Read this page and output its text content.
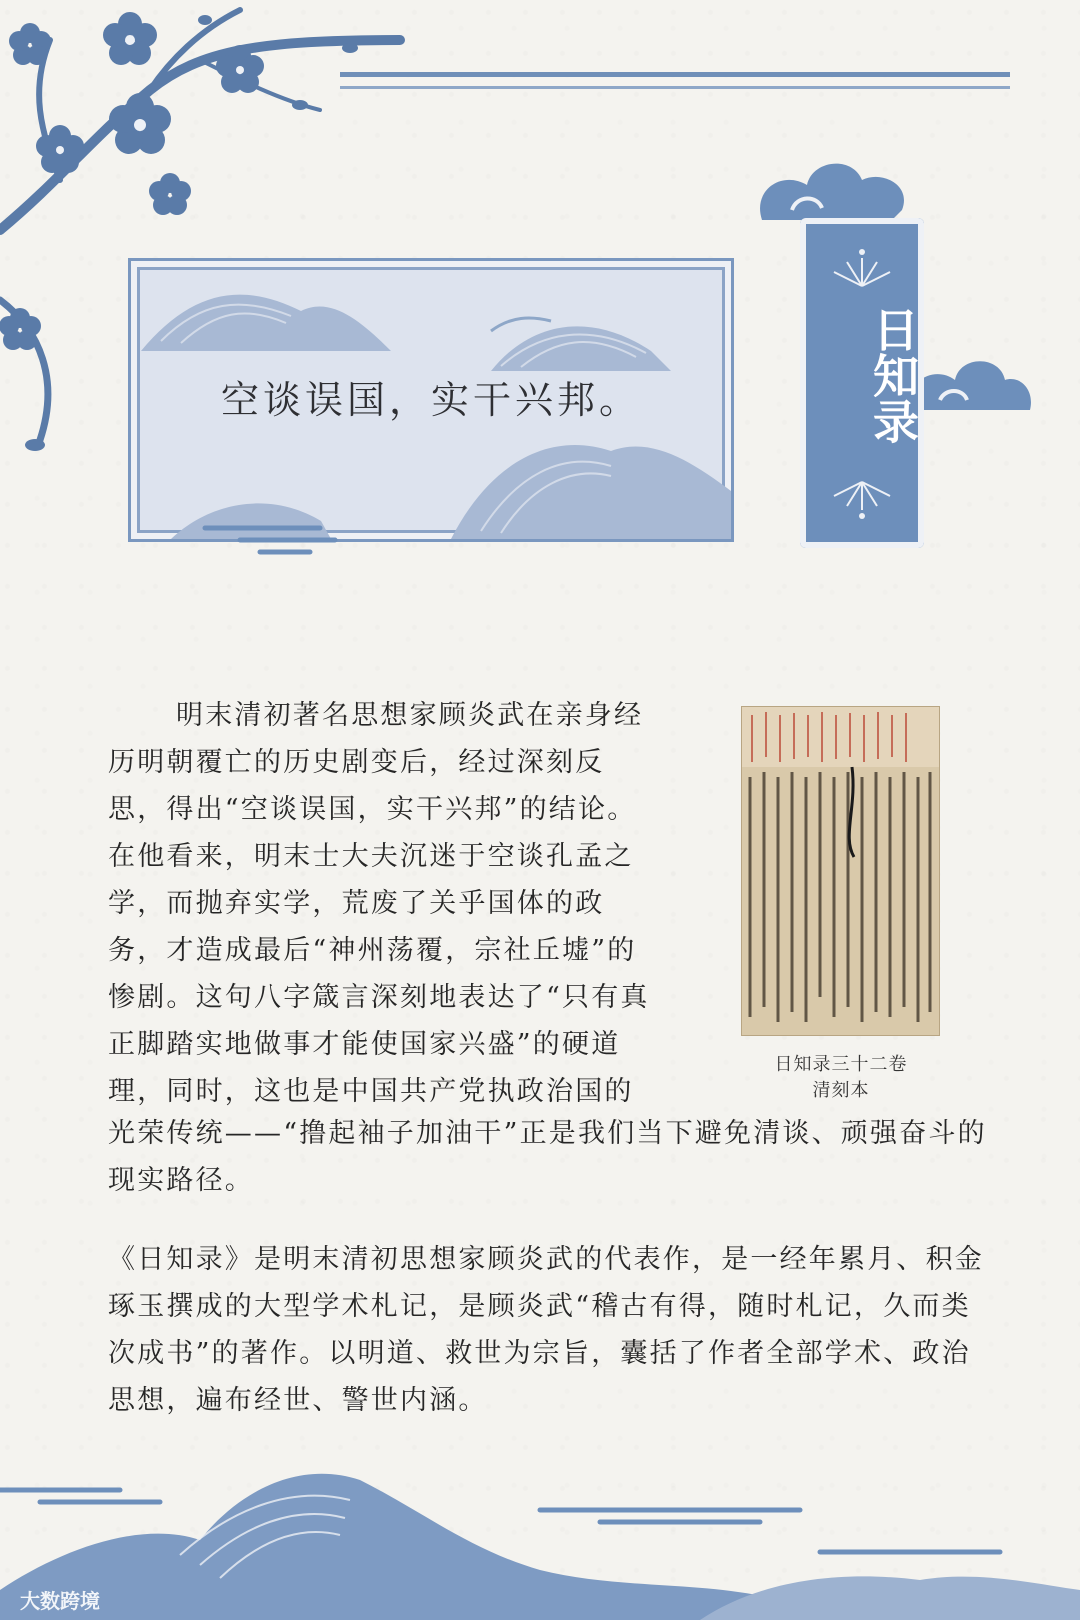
空谈误国，实干兴邦。	日知录

明末清初著名思想家顾炎武在亲身经历明朝覆亡的历史剧变后，经过深刻反思，得出“空谈误国，实干兴邦”的结论。在他看来，明末士大夫沉迷于空谈孔孟之学，而抛弃实学，荒废了关乎国体的政务，才造成最后“神州荡覆，宗社丘墟”的惨剧。这句八字箴言深刻地表达了“只有真正脚踏实地做事才能使国家兴盛”的硬道理，同时，这也是中国共产党执政治国的

光荣传统——“撸起袖子加油干”正是我们当下避免清谈、顽强奋斗的现实路径。

《日知录》是明末清初思想家顾炎武的代表作，是一经年累月、积金琢玉撰成的大型学术札记，是顾炎武“稽古有得，随时札记，久而类次成书”的著作。以明道、救世为宗旨，囊括了作者全部学术、政治思想，遍布经世、警世内涵。

日知录三十二卷
清刻本
大数跨境
